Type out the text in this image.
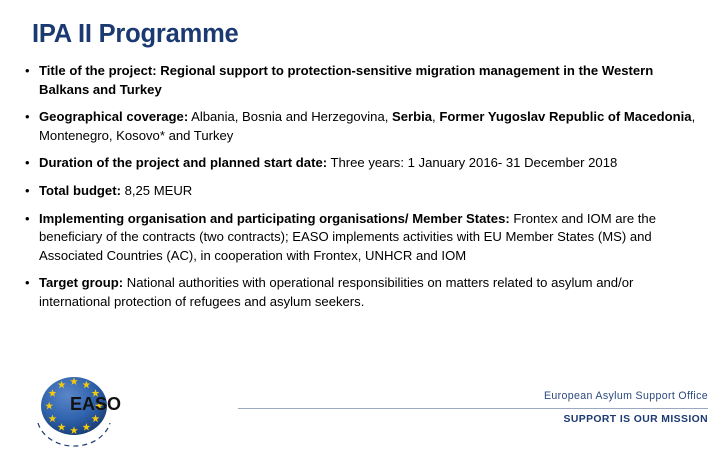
IPA II Programme
• Title of the project: Regional support to protection-sensitive migration management in the Western Balkans and Turkey
• Geographical coverage: Albania, Bosnia and Herzegovina, Serbia, Former Yugoslav Republic of Macedonia, Montenegro, Kosovo* and Turkey
• Duration of the project and planned start date: Three years: 1 January 2016- 31 December 2018
• Total budget: 8,25 MEUR
• Implementing organisation and participating organisations/ Member States: Frontex and IOM are the beneficiary of the contracts (two contracts); EASO implements activities with EU Member States (MS) and Associated Countries (AC), in cooperation with Frontex, UNHCR and IOM
• Target group: National authorities with operational responsibilities on matters related to asylum and/or international protection of refugees and asylum seekers.
EASO	European Asylum Support Office
SUPPORT IS OUR MISSION
